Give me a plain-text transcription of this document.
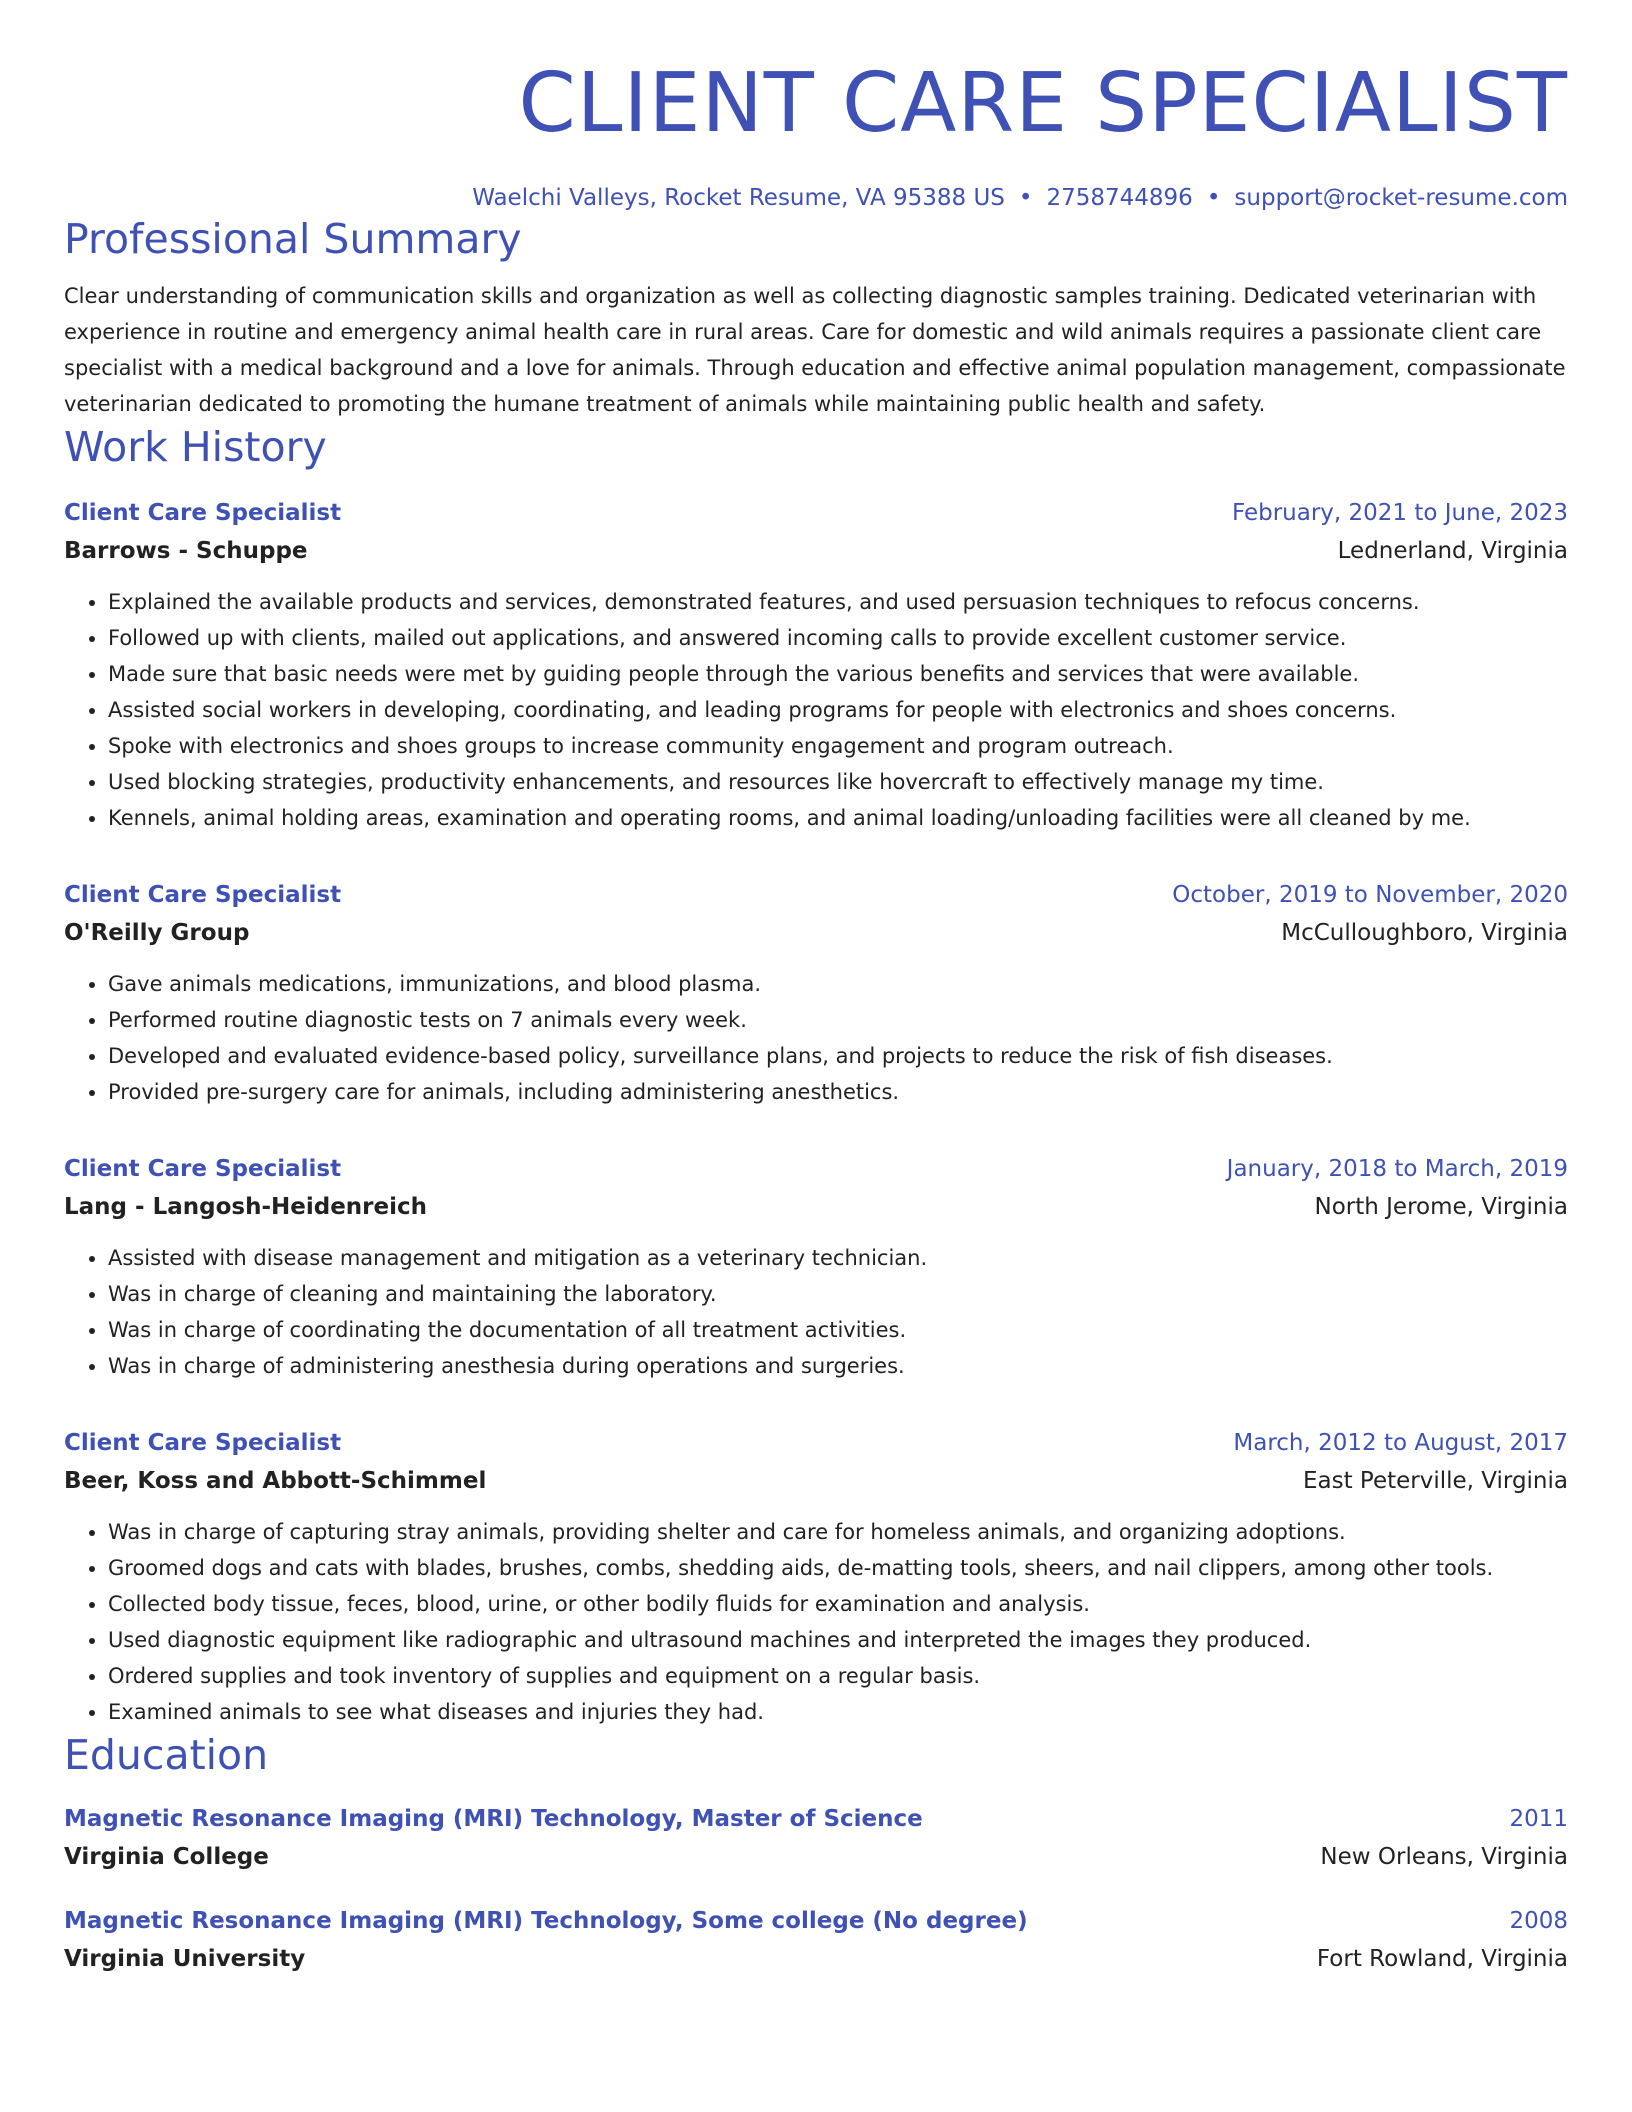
CLIENT CARE SPECIALIST
Waelchi Valleys, Rocket Resume, VA 95388 US • 2758744896 • support@rocket-resume.com
Professional Summary

Clear understanding of communication skills and organization as well as collecting diagnostic samples training. Dedicated veterinarian with experience in routine and emergency animal health care in rural areas. Care for domestic and wild animals requires a passionate client care specialist with a medical background and a love for animals. Through education and effective animal population management, compassionate veterinarian dedicated to promoting the humane treatment of animals while maintaining public health and safety.

Work History
Client Care Specialist	February, 2021 to June, 2023
Barrows - Schuppe	Lednerland, Virginia
• Explained the available products and services, demonstrated features, and used persuasion techniques to refocus concerns.
• Followed up with clients, mailed out applications, and answered incoming calls to provide excellent customer service.
• Made sure that basic needs were met by guiding people through the various benefits and services that were available.
• Assisted social workers in developing, coordinating, and leading programs for people with electronics and shoes concerns.
• Spoke with electronics and shoes groups to increase community engagement and program outreach.
• Used blocking strategies, productivity enhancements, and resources like hovercraft to effectively manage my time.
• Kennels, animal holding areas, examination and operating rooms, and animal loading/unloading facilities were all cleaned by me.
Client Care Specialist	October, 2019 to November, 2020
O'Reilly Group	McCulloughboro, Virginia
• Gave animals medications, immunizations, and blood plasma.
• Performed routine diagnostic tests on 7 animals every week.
• Developed and evaluated evidence-based policy, surveillance plans, and projects to reduce the risk of fish diseases.
• Provided pre-surgery care for animals, including administering anesthetics.
Client Care Specialist	January, 2018 to March, 2019
Lang - Langosh-Heidenreich	North Jerome, Virginia
• Assisted with disease management and mitigation as a veterinary technician.
• Was in charge of cleaning and maintaining the laboratory.
• Was in charge of coordinating the documentation of all treatment activities.
• Was in charge of administering anesthesia during operations and surgeries.
Client Care Specialist	March, 2012 to August, 2017
Beer, Koss and Abbott-Schimmel	East Peterville, Virginia
• Was in charge of capturing stray animals, providing shelter and care for homeless animals, and organizing adoptions.
• Groomed dogs and cats with blades, brushes, combs, shedding aids, de-matting tools, sheers, and nail clippers, among other tools.
• Collected body tissue, feces, blood, urine, or other bodily fluids for examination and analysis.
• Used diagnostic equipment like radiographic and ultrasound machines and interpreted the images they produced.
• Ordered supplies and took inventory of supplies and equipment on a regular basis.
• Examined animals to see what diseases and injuries they had.
Education
Magnetic Resonance Imaging (MRI) Technology, Master of Science	2011
Virginia College	New Orleans, Virginia
Magnetic Resonance Imaging (MRI) Technology, Some college (No degree)	2008
Virginia University	Fort Rowland, Virginia
